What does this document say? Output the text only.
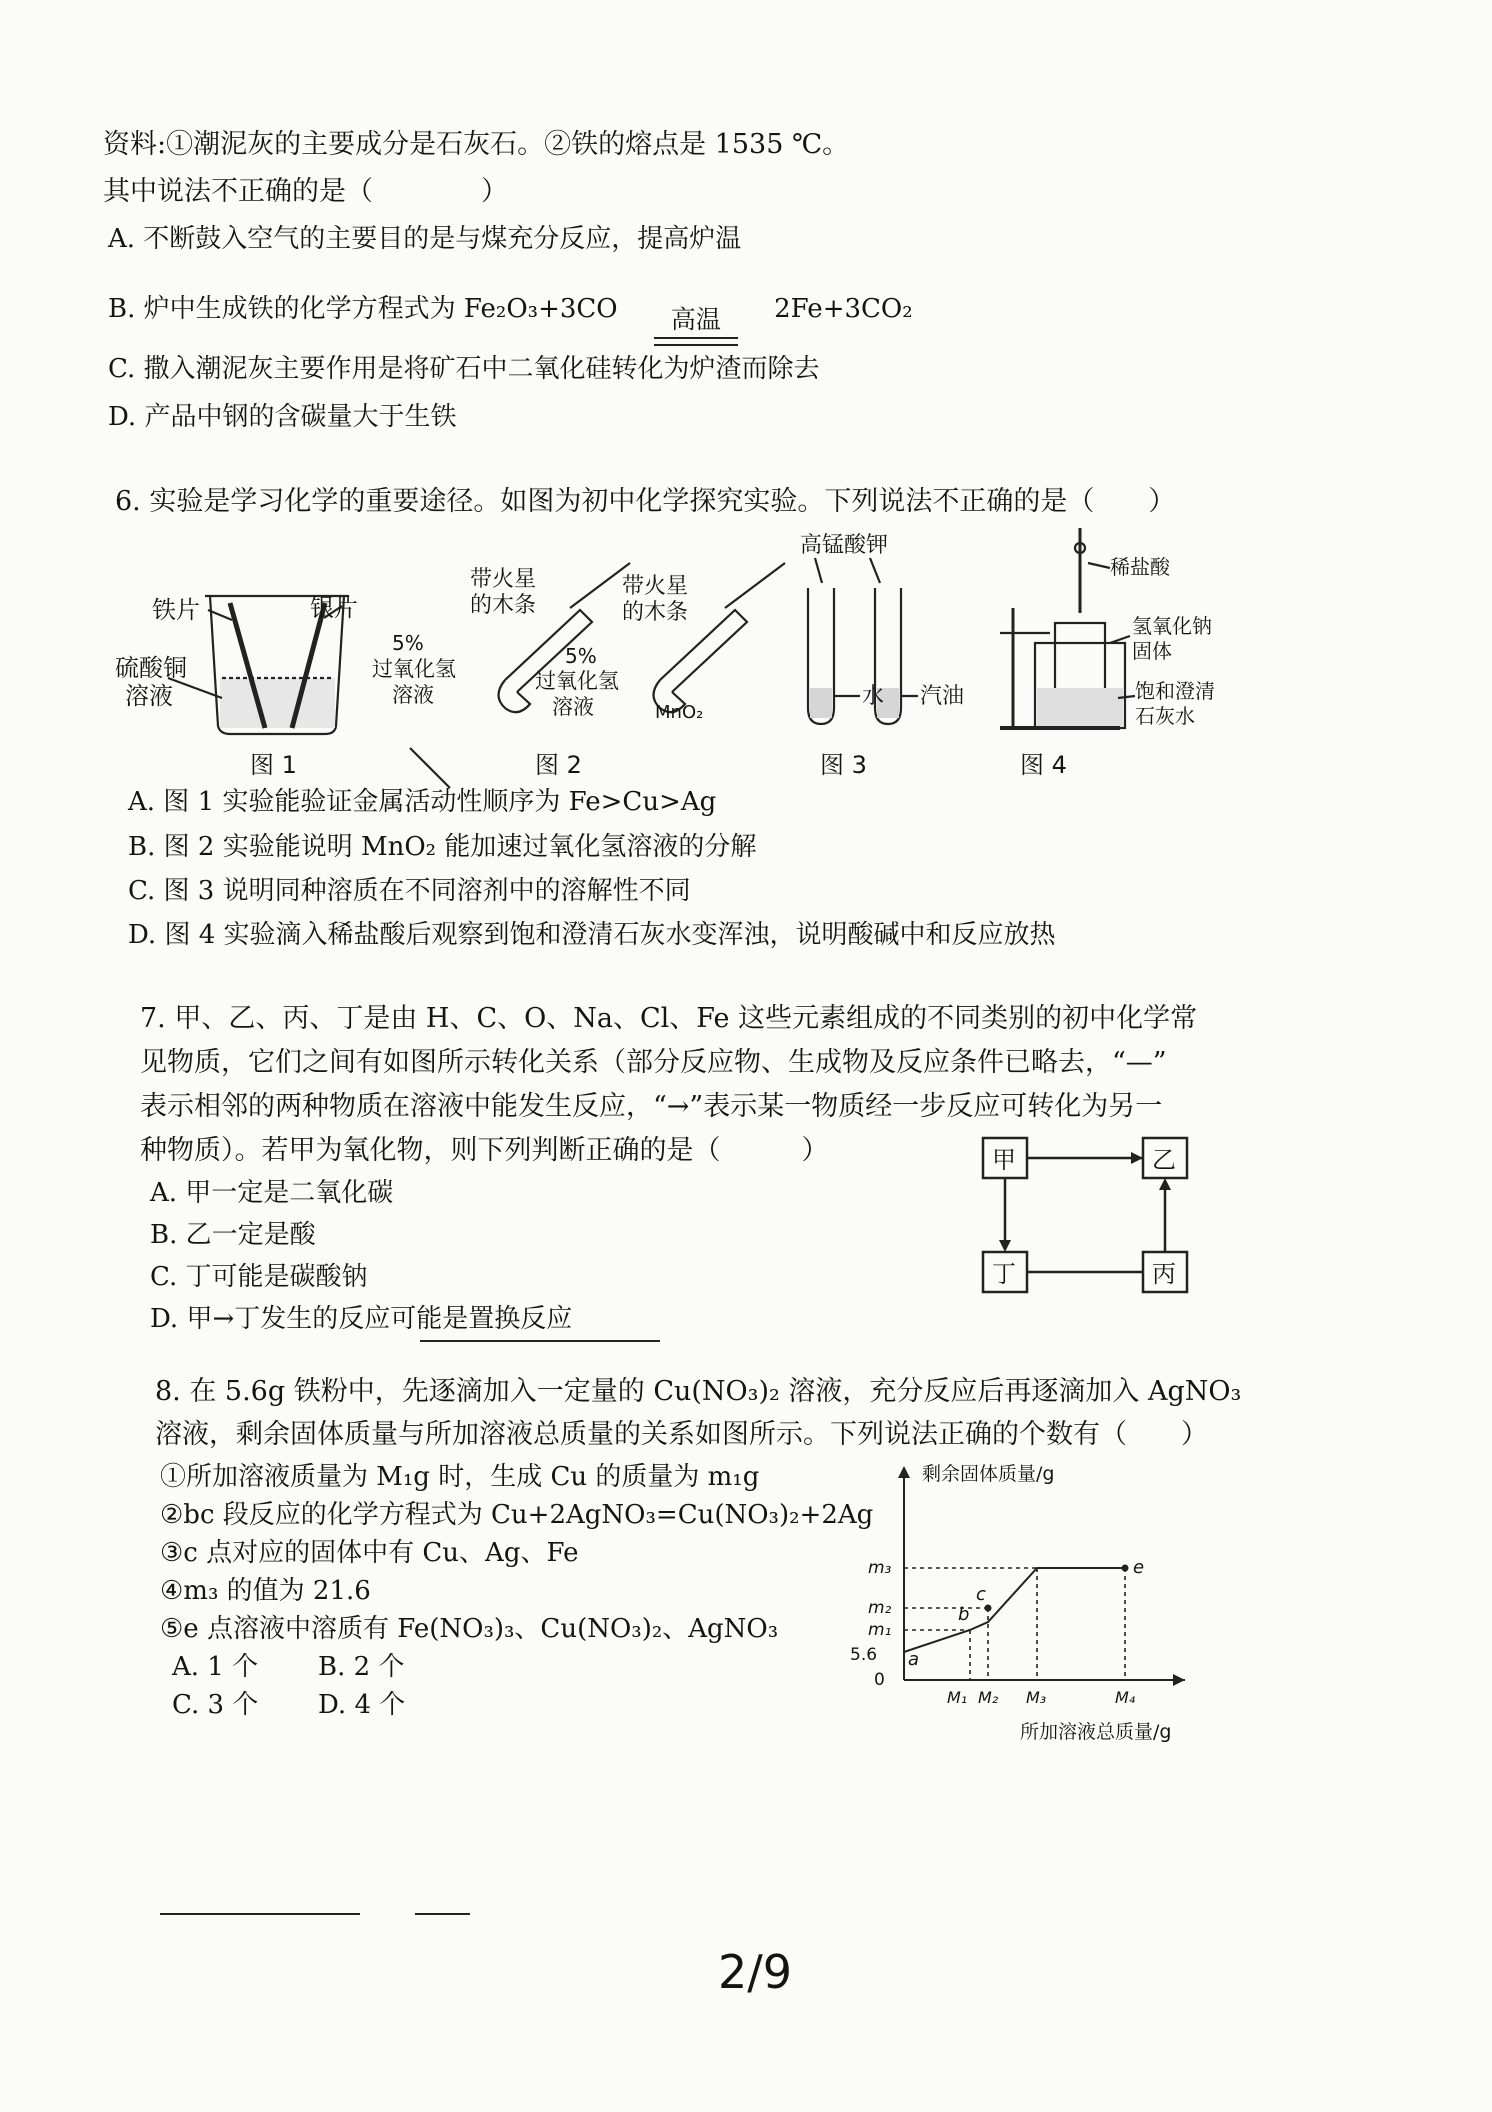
资料:①潮泥灰的主要成分是石灰石。②铁的熔点是 1535 ℃。
其中说法不正确的是（　　　　）
A. 不断鼓入空气的主要目的是与煤充分反应，提高炉温
B. 炉中生成铁的化学方程式为 Fe₂O₃+3CO	高温	2Fe+3CO₂
C. 撒入潮泥灰主要作用是将矿石中二氧化硅转化为炉渣而除去
D. 产品中钢的含碳量大于生铁
6. 实验是学习化学的重要途径。如图为初中化学探究实验。下列说法不正确的是（　　）
铁片	银片
硫酸铜
溶液
图 1
带火星
的木条
5%
过氧化氢
溶液
带火星
的木条
5%
过氧化氢
溶液	MnO₂
图 2
高锰酸钾
水 汽油
图 3
稀盐酸
氢氧化钠
固体
饱和澄清
石灰水
图 4
A. 图 1 实验能验证金属活动性顺序为 Fe>Cu>Ag
B. 图 2 实验能说明 MnO₂ 能加速过氧化氢溶液的分解
C. 图 3 说明同种溶质在不同溶剂中的溶解性不同
D. 图 4 实验滴入稀盐酸后观察到饱和澄清石灰水变浑浊，说明酸碱中和反应放热
7. 甲、乙、丙、丁是由 H、C、O、Na、Cl、Fe 这些元素组成的不同类别的初中化学常
见物质，它们之间有如图所示转化关系（部分反应物、生成物及反应条件已略去，“—”
表示相邻的两种物质在溶液中能发生反应，“→”表示某一物质经一步反应可转化为另一
种物质）。若甲为氧化物，则下列判断正确的是（　　　）
A. 甲一定是二氧化碳
B. 乙一定是酸
C. 丁可能是碳酸钠
D. 甲→丁发生的反应可能是置换反应
甲	乙
丁	丙
8. 在 5.6g 铁粉中，先逐滴加入一定量的 Cu(NO₃)₂ 溶液，充分反应后再逐滴加入 AgNO₃
溶液，剩余固体质量与所加溶液总质量的关系如图所示。下列说法正确的个数有（　　）
①所加溶液质量为 M₁g 时，生成 Cu 的质量为 m₁g
②bc 段反应的化学方程式为 Cu+2AgNO₃=Cu(NO₃)₂+2Ag
③c 点对应的固体中有 Cu、Ag、Fe
④m₃ 的值为 21.6
⑤e 点溶液中溶质有 Fe(NO₃)₃、Cu(NO₃)₂、AgNO₃
A. 1 个 B. 2 个
C. 3 个 D. 4 个
剩余固体质量/g
所加溶液总质量/g
0
5.6
m₁
m₂
m₃
M₁ M₂ M₃	M₄
a
b
c
e
2/9
